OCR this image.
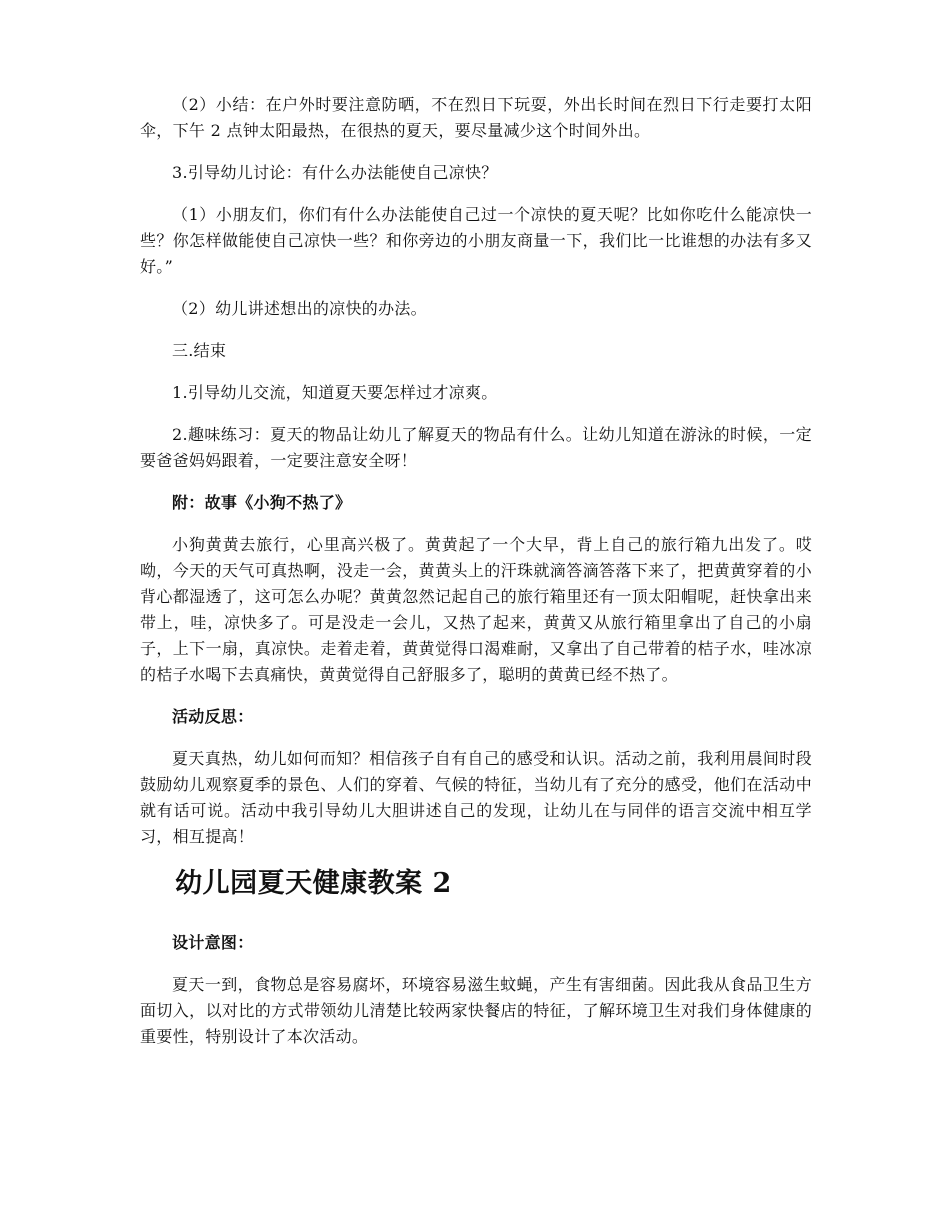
（2）小结：在户外时要注意防晒，不在烈日下玩耍，外出长时间在烈日下行走要打太阳伞，下午 2 点钟太阳最热，在很热的夏天，要尽量减少这个时间外出。

3.引导幼儿讨论：有什么办法能使自己凉快？

（1）小朋友们，你们有什么办法能使自己过一个凉快的夏天呢？比如你吃什么能凉快一些？你怎样做能使自己凉快一些？和你旁边的小朋友商量一下，我们比一比谁想的办法有多又好。”

（2）幼儿讲述想出的凉快的办法。

三.结束

1.引导幼儿交流，知道夏天要怎样过才凉爽。

2.趣味练习：夏天的物品让幼儿了解夏天的物品有什么。让幼儿知道在游泳的时候，一定要爸爸妈妈跟着，一定要注意安全呀！

附：故事《小狗不热了》

小狗黄黄去旅行，心里高兴极了。黄黄起了一个大早，背上自己的旅行箱九出发了。哎呦，今天的天气可真热啊，没走一会，黄黄头上的汗珠就滴答滴答落下来了，把黄黄穿着的小背心都湿透了，这可怎么办呢？黄黄忽然记起自己的旅行箱里还有一顶太阳帽呢，赶快拿出来带上，哇，凉快多了。可是没走一会儿，又热了起来，黄黄又从旅行箱里拿出了自己的小扇子，上下一扇，真凉快。走着走着，黄黄觉得口渴难耐，又拿出了自己带着的桔子水，哇冰凉的桔子水喝下去真痛快，黄黄觉得自己舒服多了，聪明的黄黄已经不热了。

活动反思：

夏天真热，幼儿如何而知？相信孩子自有自己的感受和认识。活动之前，我利用晨间时段鼓励幼儿观察夏季的景色、人们的穿着、气候的特征，当幼儿有了充分的感受，他们在活动中就有话可说。活动中我引导幼儿大胆讲述自己的发现，让幼儿在与同伴的语言交流中相互学习，相互提高！

幼儿园夏天健康教案 2

设计意图：

夏天一到，食物总是容易腐坏，环境容易滋生蚊蝇，产生有害细菌。因此我从食品卫生方面切入，以对比的方式带领幼儿清楚比较两家快餐店的特征，了解环境卫生对我们身体健康的重要性，特别设计了本次活动。
